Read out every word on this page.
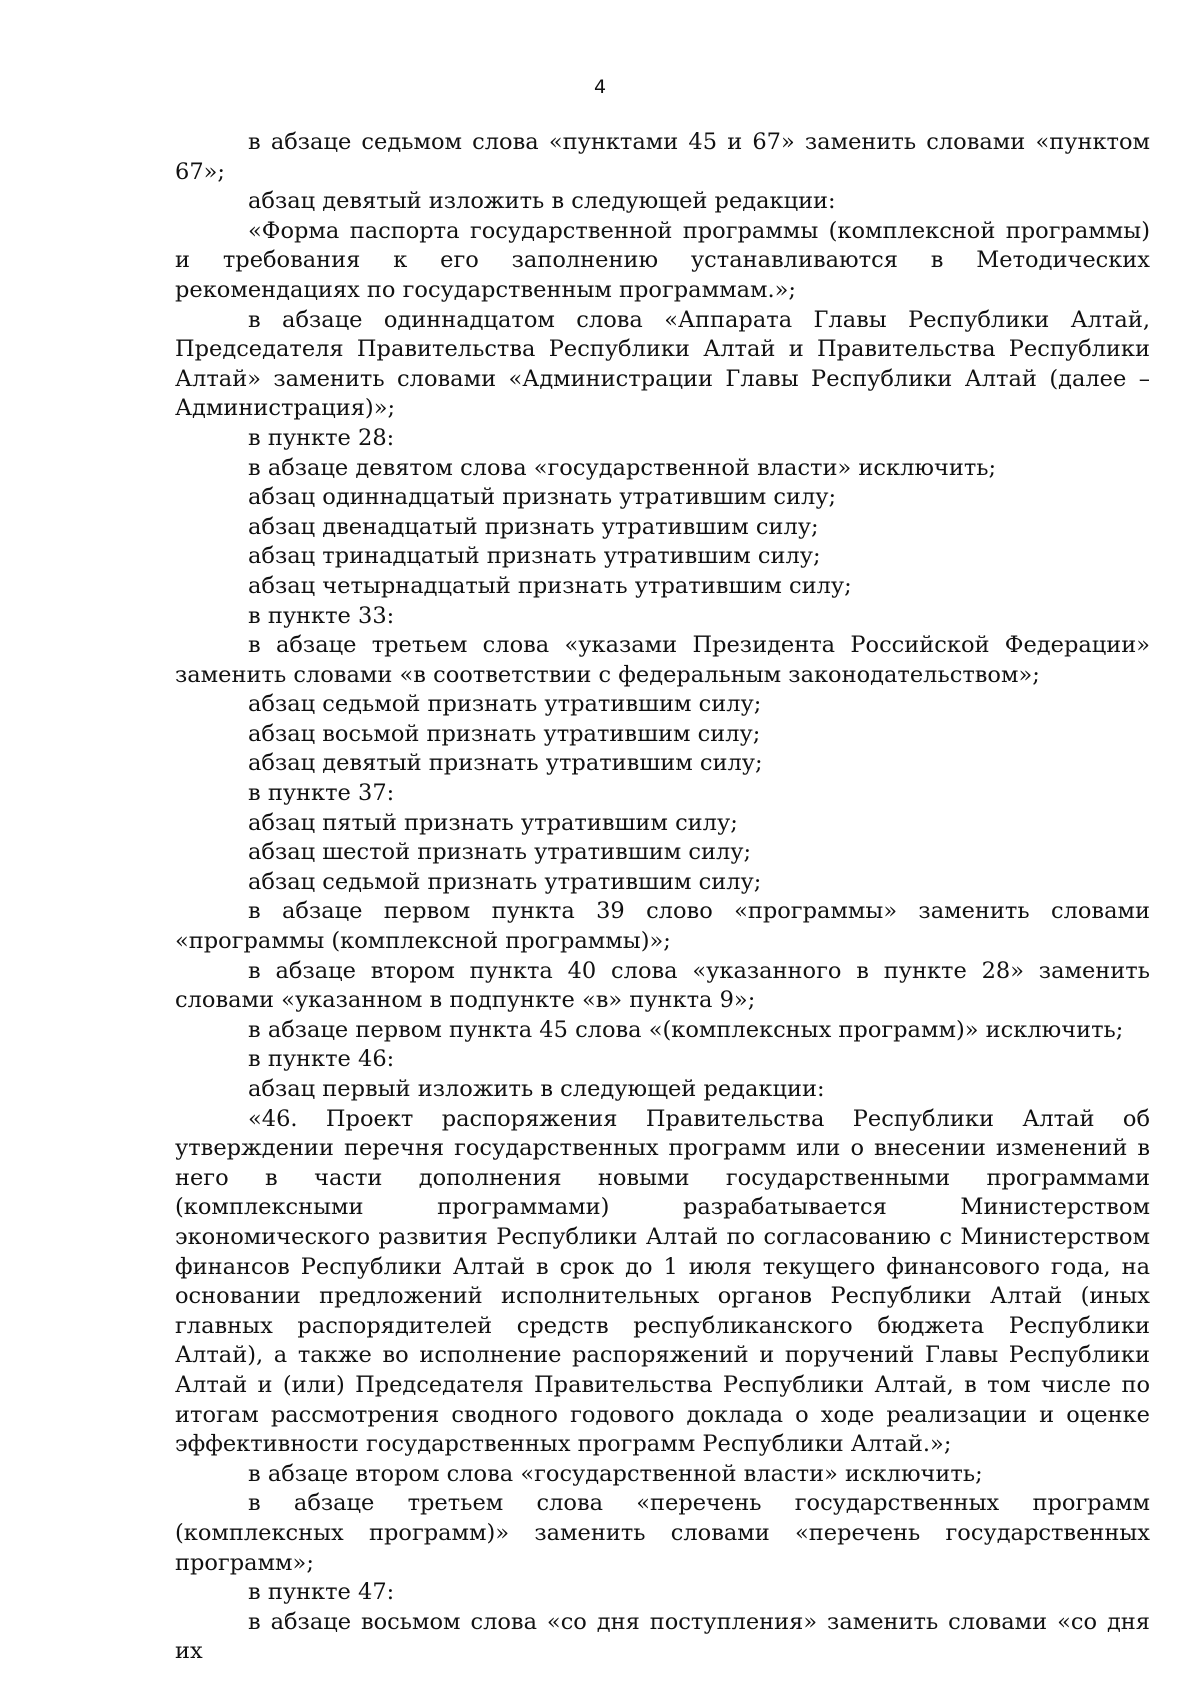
4

в абзаце седьмом слова «пунктами 45 и 67» заменить словами «пунктом 67»;

абзац девятый изложить в следующей редакции:

«Форма паспорта государственной программы (комплексной программы) и требования к его заполнению устанавливаются в Методических рекомендациях по государственным программам.»;

в абзаце одиннадцатом слова «Аппарата Главы Республики Алтай, Председателя Правительства Республики Алтай и Правительства Республики Алтай» заменить словами «Администрации Главы Республики Алтай (далее – Администрация)»;

в пункте 28:

в абзаце девятом слова «государственной власти» исключить;

абзац одиннадцатый признать утратившим силу;

абзац двенадцатый признать утратившим силу;

абзац тринадцатый признать утратившим силу;

абзац четырнадцатый признать утратившим силу;

в пункте 33:

в абзаце третьем слова «указами Президента Российской Федерации» заменить словами «в соответствии с федеральным законодательством»;

абзац седьмой признать утратившим силу;

абзац восьмой признать утратившим силу;

абзац девятый признать утратившим силу;

в пункте 37:

абзац пятый признать утратившим силу;

абзац шестой признать утратившим силу;

абзац седьмой признать утратившим силу;

в абзаце первом пункта 39 слово «программы» заменить словами «программы (комплексной программы)»;

в абзаце втором пункта 40 слова «указанного в пункте 28» заменить словами «указанном в подпункте «в» пункта 9»;

в абзаце первом пункта 45 слова «(комплексных программ)» исключить;

в пункте 46:

абзац первый изложить в следующей редакции:

«46. Проект распоряжения Правительства Республики Алтай об утверждении перечня государственных программ или о внесении изменений в него в части дополнения новыми государственными программами (комплексными программами) разрабатывается Министерством экономического развития Республики Алтай по согласованию с Министерством финансов Республики Алтай в срок до 1 июля текущего финансового года, на основании предложений исполнительных органов Республики Алтай (иных главных распорядителей средств республиканского бюджета Республики Алтай), а также во исполнение распоряжений и поручений Главы Республики Алтай и (или) Председателя Правительства Республики Алтай, в том числе по итогам рассмотрения сводного годового доклада о ходе реализации и оценке эффективности государственных программ Республики Алтай.»;

в абзаце втором слова «государственной власти» исключить;

в абзаце третьем слова «перечень государственных программ (комплексных программ)» заменить словами «перечень государственных программ»;

в пункте 47:

в абзаце восьмом слова «со дня поступления» заменить словами «со дня их
